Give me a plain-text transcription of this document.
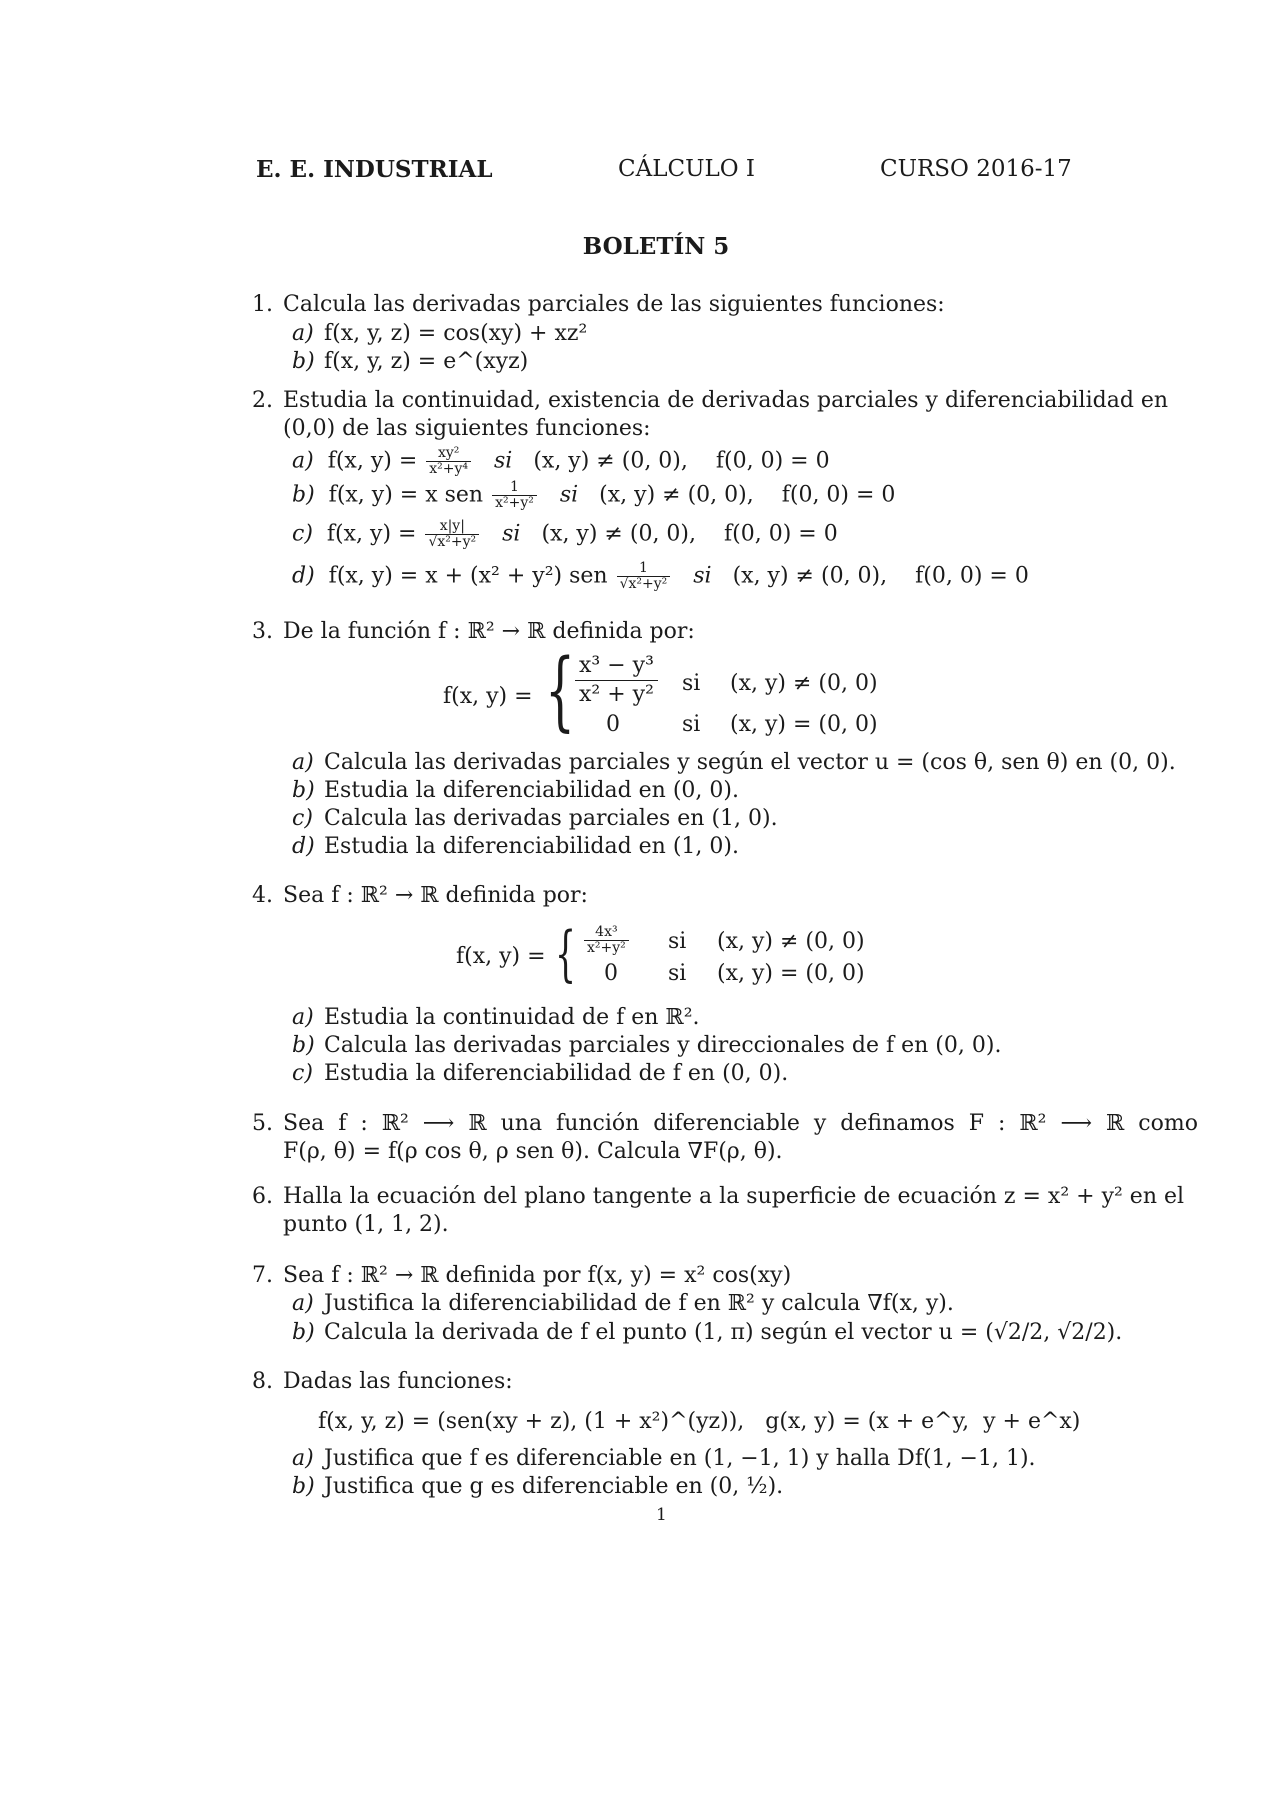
E. E. INDUSTRIAL	CÁLCULO I	CURSO 2016-17
BOLETÍN 5
1. Calcula las derivadas parciales de las siguientes funciones:
a) f(x, y, z) = cos(xy) + xz²
b) f(x, y, z) = e^(xyz)
2. Estudia la continuidad, existencia de derivadas parciales y diferenciabilidad en
(0,0) de las siguientes funciones:
a) f(x, $y) = \frac{\text{xy²}}{\text{x²+y⁴}}$ si (x, y) ≠ (0, 0), f(0, 0) = 0
b) f(x, y) = x sen $\frac{1}{\text{x²+y²}}$ si (x, y) ≠ (0, 0), f(0, 0) = 0
c) f(x, $y) = \frac{x|y|}{\text{√x²+y²}}$ si (x, y) ≠ (0, 0), f(0, 0) = 0
d) f(x, y) = x + (x² + y²) sen $\frac{1}{\text{√x²+y²}}$ si (x, y) ≠ (0, 0), f(0, 0) = 0
3. De la función f : ℝ² → ℝ definida por:
f(x, y) = { $\frac{\text{x³ − y³}}{\text{x² + y²}}$ si (x, y) ≠ (0, 0)
0	si (x, y) = (0, 0)
a) Calcula las derivadas parciales y según el vector u = (cos θ, sen θ) en (0, 0).
b) Estudia la diferenciabilidad en (0, 0).
c) Calcula las derivadas parciales en (1, 0).
d) Estudia la diferenciabilidad en (1, 0).
4. Sea f : ℝ² → ℝ definida por:
f(x, y) = { $\frac{\text{4x³}}{\text{x²+y²}}$ si (x, y) ≠ (0, 0)
0 si (x, y) = (0, 0)
a) Estudia la continuidad de f en ℝ².
b) Calcula las derivadas parciales y direccionales de f en (0, 0).
c) Estudia la diferenciabilidad de f en (0, 0).
5. Sea  f  :  ℝ²  ⟶  ℝ  una  función  diferenciable  y  definamos  F  :  ℝ²  ⟶  ℝ  como
F(ρ, θ) = f(ρ cos θ, ρ sen θ). Calcula ∇F(ρ, θ).
6. Halla la ecuación del plano tangente a la superficie de ecuación z = x² + y² en el
punto (1, 1, 2).
7. Sea f : ℝ² → ℝ definida por f(x, y) = x² cos(xy)
a) Justifica la diferenciabilidad de f en ℝ² y calcula ∇f(x, y).
b) Calcula la derivada de f el punto (1, π) según el vector u = (√2/2, √2/2).
8. Dadas las funciones:
f(x, y, z) = (sen(xy + z), (1 + x²)^(yz)),   g(x, y) = (x + e^y,  y + e^x)
a) Justifica que f es diferenciable en (1, −1, 1) y halla Df(1, −1, 1).
b) Justifica que g es diferenciable en (0, ½).
1
